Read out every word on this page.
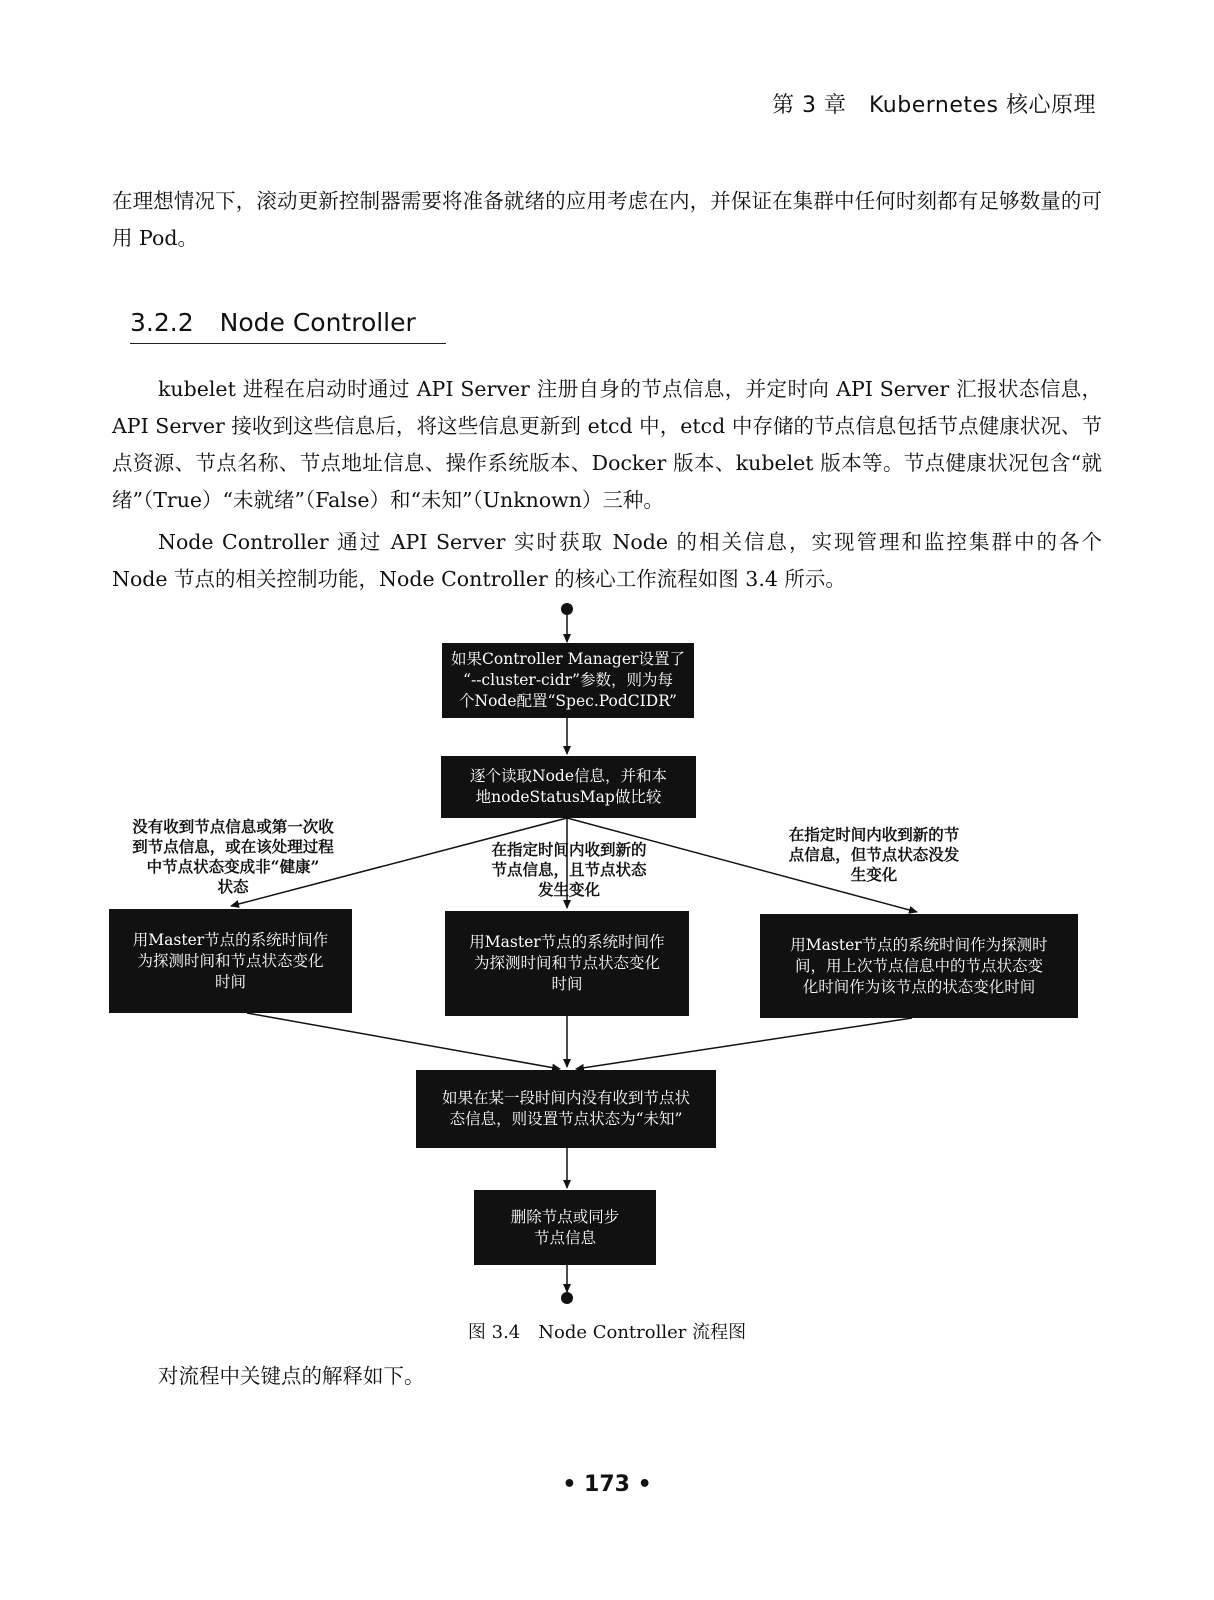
第 3 章　Kubernetes 核心原理

在理想情况下，滚动更新控制器需要将准备就绪的应用考虑在内，并保证在集群中任何时刻都有足够数量的可用 Pod。

3.2.2 Node Controller

kubelet 进程在启动时通过 API Server 注册自身的节点信息，并定时向 API Server 汇报状态信息，API Server 接收到这些信息后，将这些信息更新到 etcd 中，etcd 中存储的节点信息包括节点健康状况、节点资源、节点名称、节点地址信息、操作系统版本、Docker 版本、kubelet 版本等。节点健康状况包含“就绪”（True）“未就绪”（False）和“未知”（Unknown）三种。

Node Controller 通过 API Server 实时获取 Node 的相关信息，实现管理和监控集群中的各个 Node 节点的相关控制功能，Node Controller 的核心工作流程如图 3.4 所示。

如果Controller Manager设置了
“--cluster-cidr”参数，则为每
个Node配置“Spec.PodCIDR”
逐个读取Node信息，并和本
地nodeStatusMap做比较
没有收到节点信息或第一次收
到节点信息，或在该处理过程
中节点状态变成非“健康”
状态
在指定时间内收到新的
节点信息，且节点状态
发生变化
在指定时间内收到新的节
点信息，但节点状态没发
生变化
用Master节点的系统时间作
为探测时间和节点状态变化
时间
用Master节点的系统时间作
为探测时间和节点状态变化
时间
用Master节点的系统时间作为探测时
间，用上次节点信息中的节点状态变
化时间作为该节点的状态变化时间
如果在某一段时间内没有收到节点状
态信息，则设置节点状态为“未知”
删除节点或同步
节点信息
图 3.4 Node Controller 流程图

对流程中关键点的解释如下。

• 173 •
